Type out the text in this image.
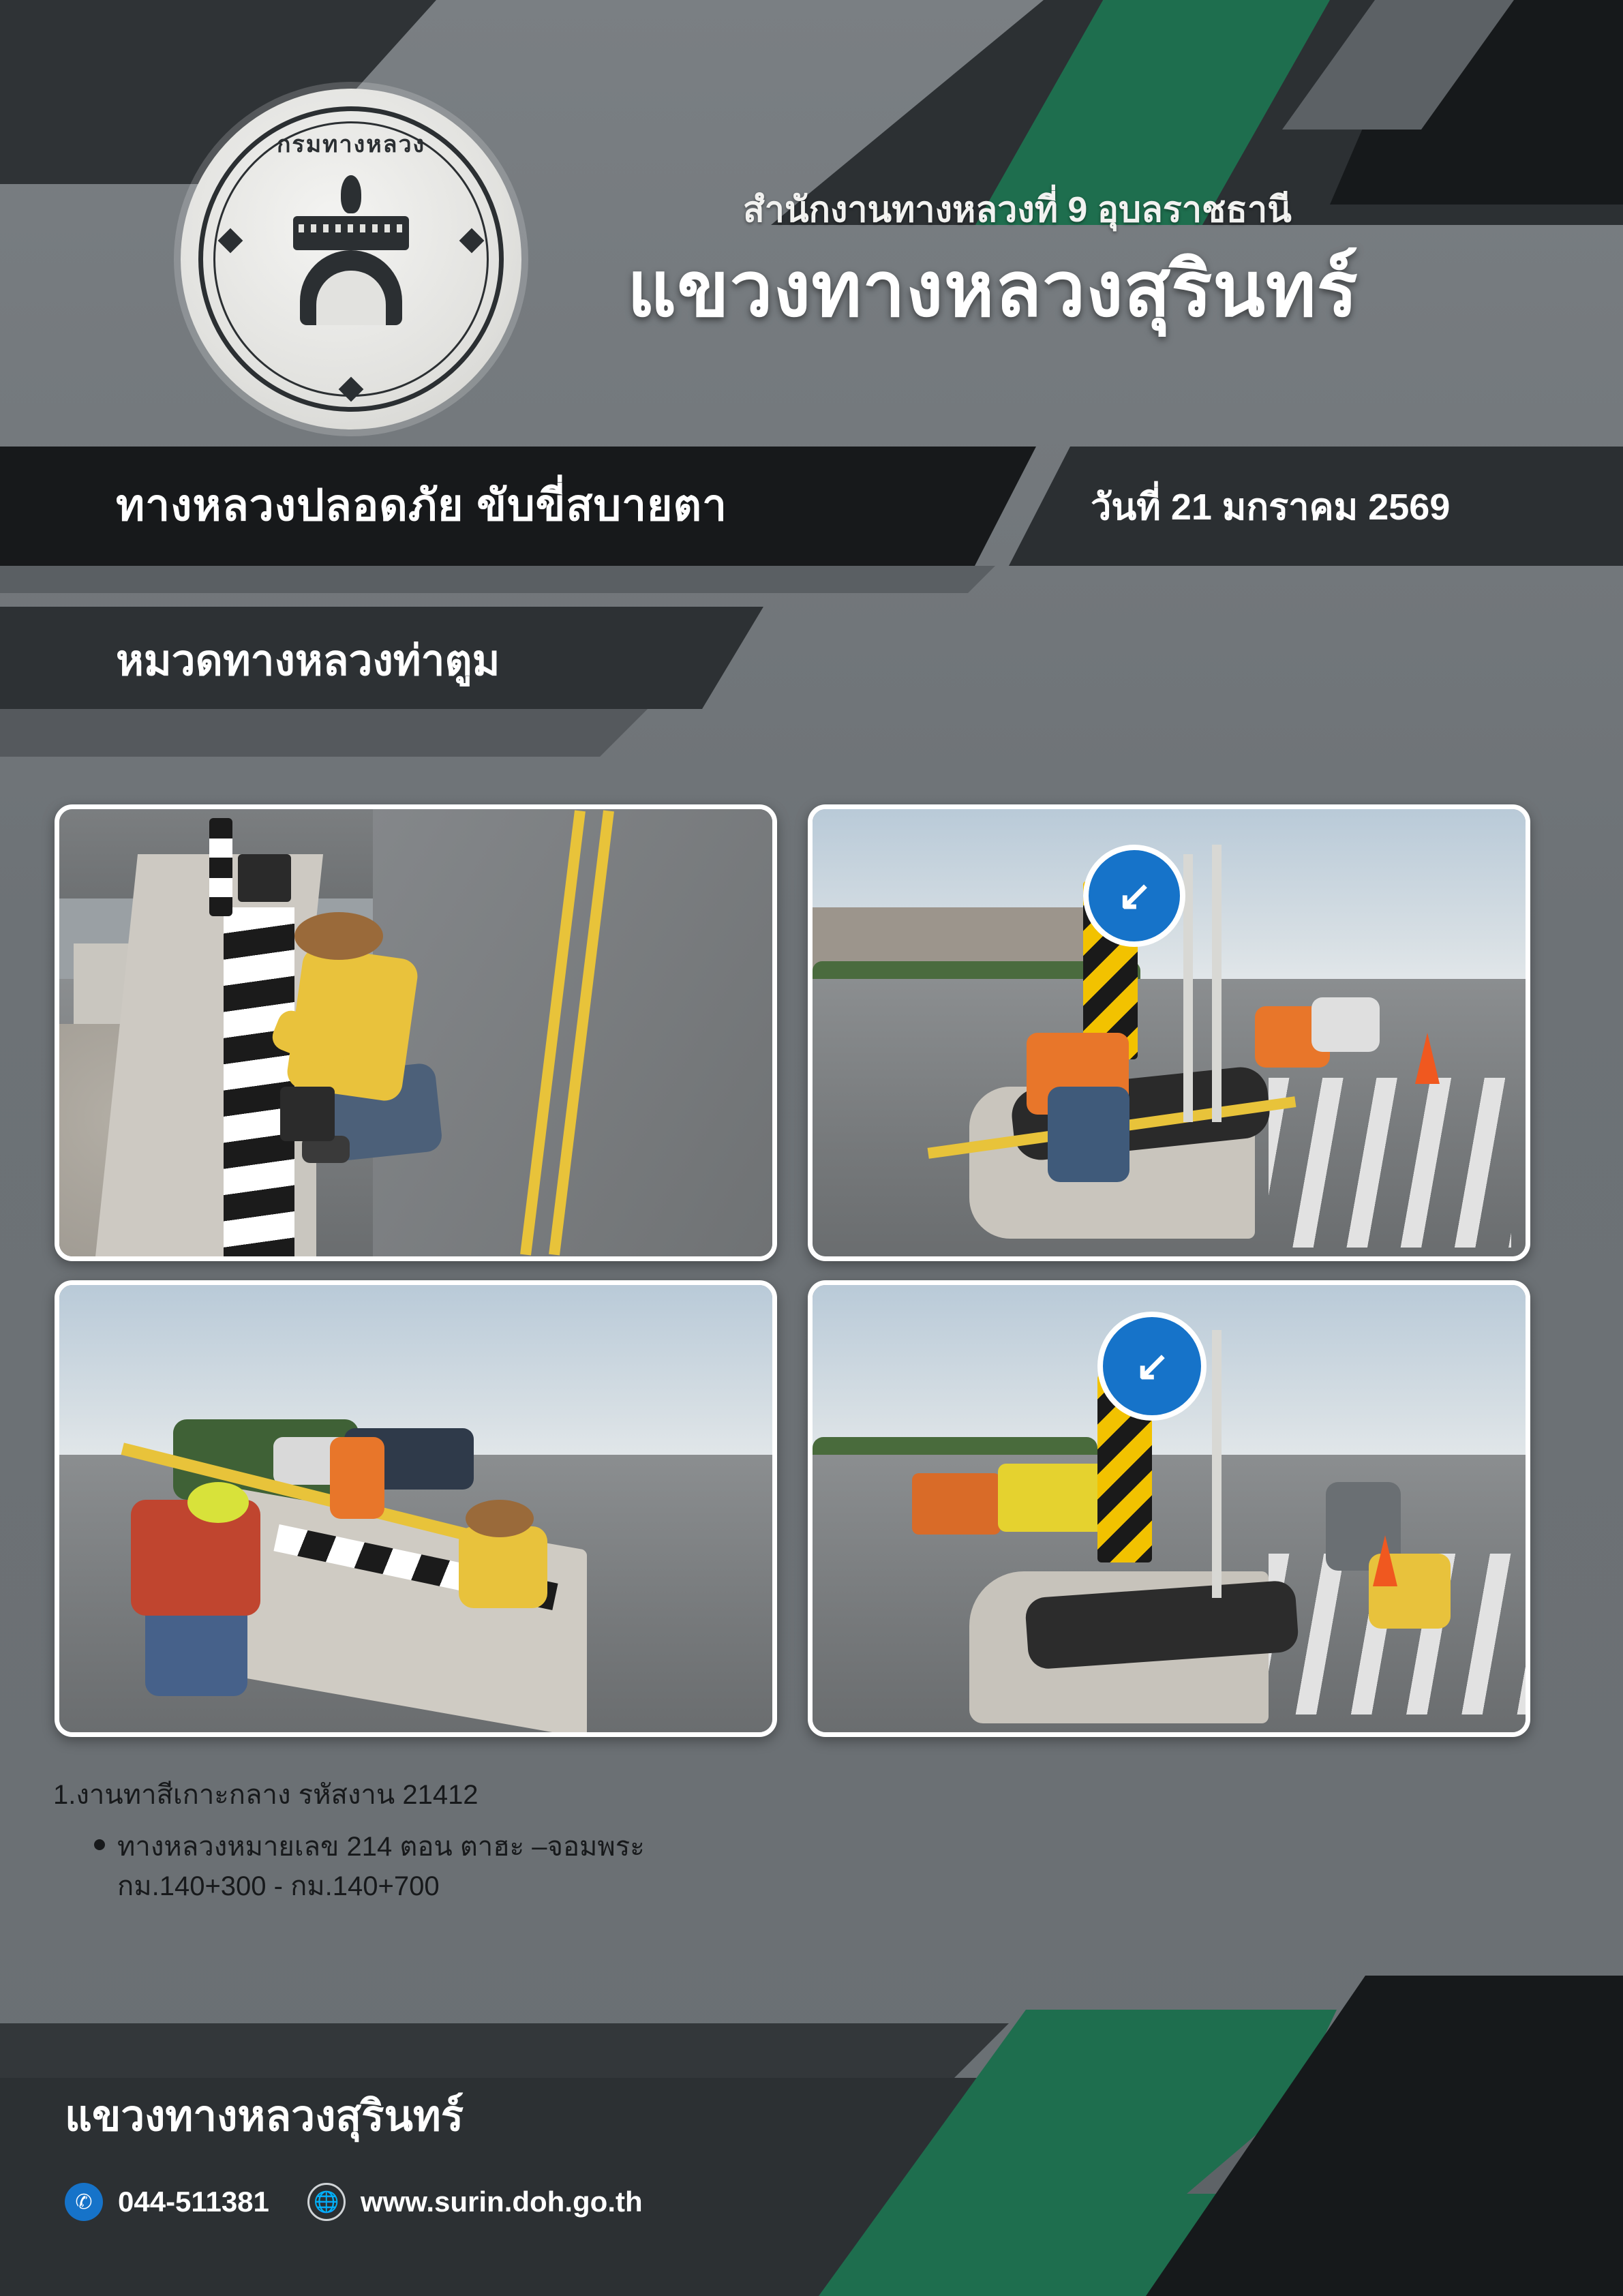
กรมทางหลวง
สำนักงานทางหลวงที่ 9 อุบลราชธานี
แขวงทางหลวงสุรินทร์
ทางหลวงปลอดภัย ขับขี่สบายตา	วันที่ 21 มกราคม 2569
หมวดทางหลวงท่าตูม
↙
↙
1.งานทาสีเกาะกลาง รหัสงาน 21412
ทางหลวงหมายเลข 214 ตอน ตาฮะ –จอมพระ
กม.140+300 - กม.140+700
แขวงทางหลวงสุรินทร์
✆ 044-511381	🌐 www.surin.doh.go.th
